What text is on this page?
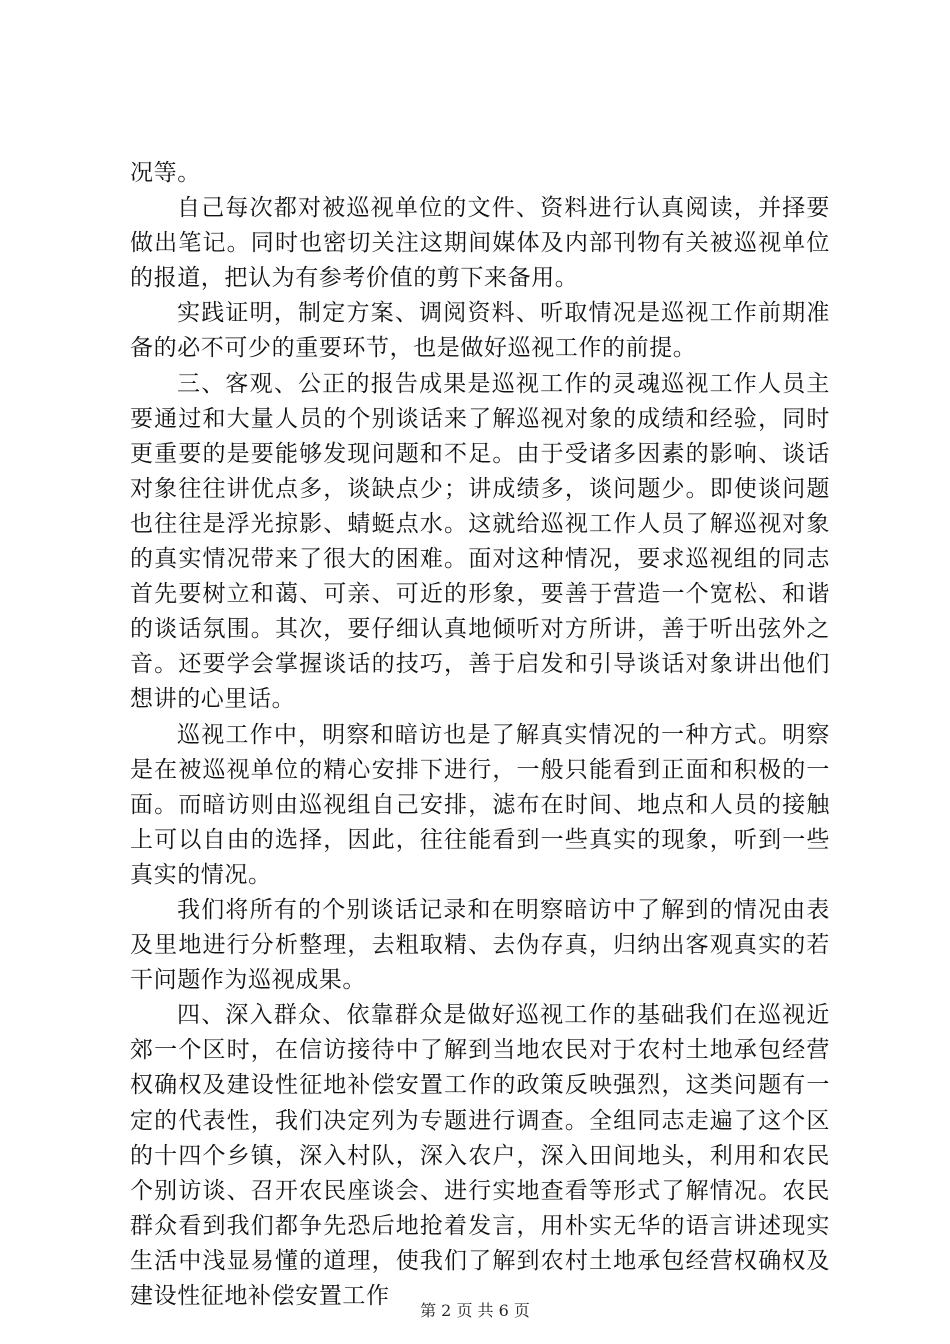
况等。

自己每次都对被巡视单位的文件、资料进行认真阅读，并择要做出笔记。同时也密切关注这期间媒体及内部刊物有关被巡视单位的报道，把认为有参考价值的剪下来备用。

实践证明，制定方案、调阅资料、听取情况是巡视工作前期准备的必不可少的重要环节，也是做好巡视工作的前提。

三、客观、公正的报告成果是巡视工作的灵魂巡视工作人员主要通过和大量人员的个别谈话来了解巡视对象的成绩和经验，同时更重要的是要能够发现问题和不足。由于受诸多因素的影响、谈话对象往往讲优点多，谈缺点少；讲成绩多，谈问题少。即使谈问题也往往是浮光掠影、蜻蜓点水。这就给巡视工作人员了解巡视对象的真实情况带来了很大的困难。面对这种情况，要求巡视组的同志首先要树立和蔼、可亲、可近的形象，要善于营造一个宽松、和谐的谈话氛围。其次，要仔细认真地倾听对方所讲，善于听出弦外之音。还要学会掌握谈话的技巧，善于启发和引导谈话对象讲出他们想讲的心里话。

巡视工作中，明察和暗访也是了解真实情况的一种方式。明察是在被巡视单位的精心安排下进行，一般只能看到正面和积极的一面。而暗访则由巡视组自己安排，滤布在时间、地点和人员的接触上可以自由的选择，因此，往往能看到一些真实的现象，听到一些真实的情况。

我们将所有的个别谈话记录和在明察暗访中了解到的情况由表及里地进行分析整理，去粗取精、去伪存真，归纳出客观真实的若干问题作为巡视成果。

四、深入群众、依靠群众是做好巡视工作的基础我们在巡视近郊一个区时，在信访接待中了解到当地农民对于农村土地承包经营权确权及建设性征地补偿安置工作的政策反映强烈，这类问题有一定的代表性，我们决定列为专题进行调查。全组同志走遍了这个区的十四个乡镇，深入村队，深入农户，深入田间地头，利用和农民个别访谈、召开农民座谈会、进行实地查看等形式了解情况。农民群众看到我们都争先恐后地抢着发言，用朴实无华的语言讲述现实生活中浅显易懂的道理，使我们了解到农村土地承包经营权确权及建设性征地补偿安置工作

第 2 页 共 6 页
